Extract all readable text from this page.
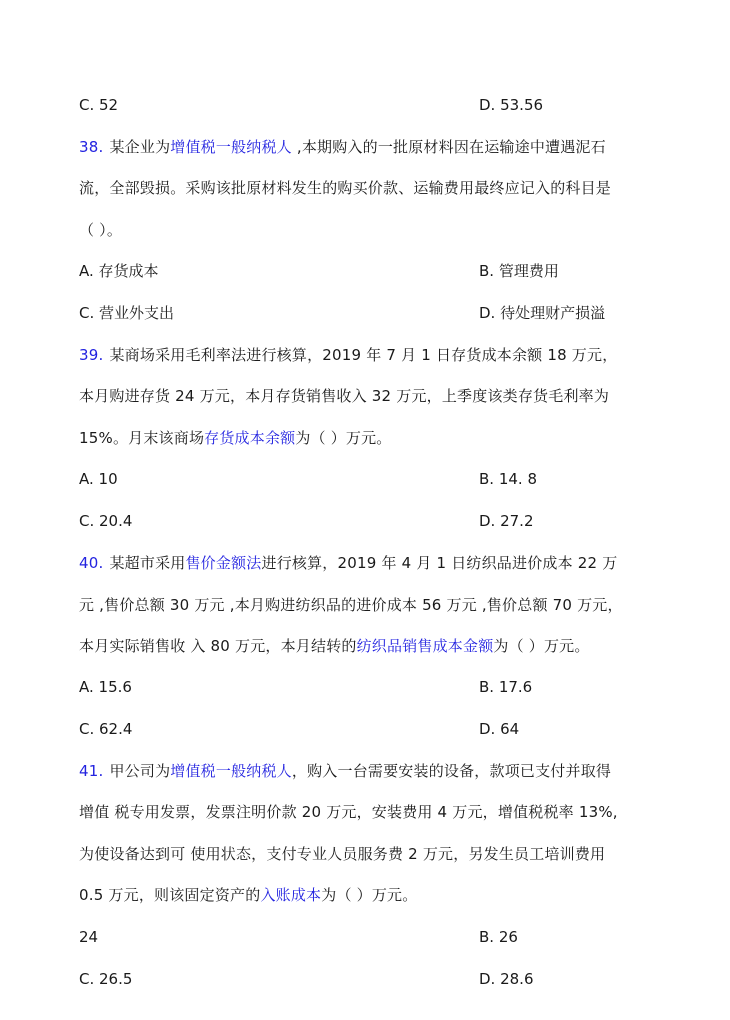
C. 52	D. 53.56
38. 某企业为增值税一般纳税人 ,本期购入的一批原材料因在运输途中遭遇泥石
流，全部毁损。采购该批原材料发生的购买价款、运输费用最终应记入的科目是
（ ）。
A. 存货成本	B. 管理费用
C. 营业外支出	D. 待处理财产损溢
39. 某商场采用毛利率法进行核算，2019 年 7 月 1 日存货成本余额 18 万元，
本月购进存货 24 万元，本月存货销售收入 32 万元，上季度该类存货毛利率为
15%。月末该商场存货成本余额为（ ）万元。
A. 10	B. 14. 8
C. 20.4	D. 27.2
40. 某超市采用售价金额法进行核算，2019 年 4 月 1 日纺织品进价成本 22 万
元 ,售价总额 30 万元 ,本月购进纺织品的进价成本 56 万元 ,售价总额 70 万元，
本月实际销售收 入 80 万元，本月结转的纺织品销售成本金额为（ ）万元。
A. 15.6	B. 17.6
C. 62.4	D. 64
41. 甲公司为增值税一般纳税人，购入一台需要安装的设备，款项已支付并取得
增值 税专用发票，发票注明价款 20 万元，安装费用 4 万元，增值税税率 13%,
为使设备达到可 使用状态，支付专业人员服务费 2 万元，另发生员工培训费用
0.5 万元，则该固定资产的入账成本为（ ）万元。
24	B. 26
C. 26.5	D. 28.6
